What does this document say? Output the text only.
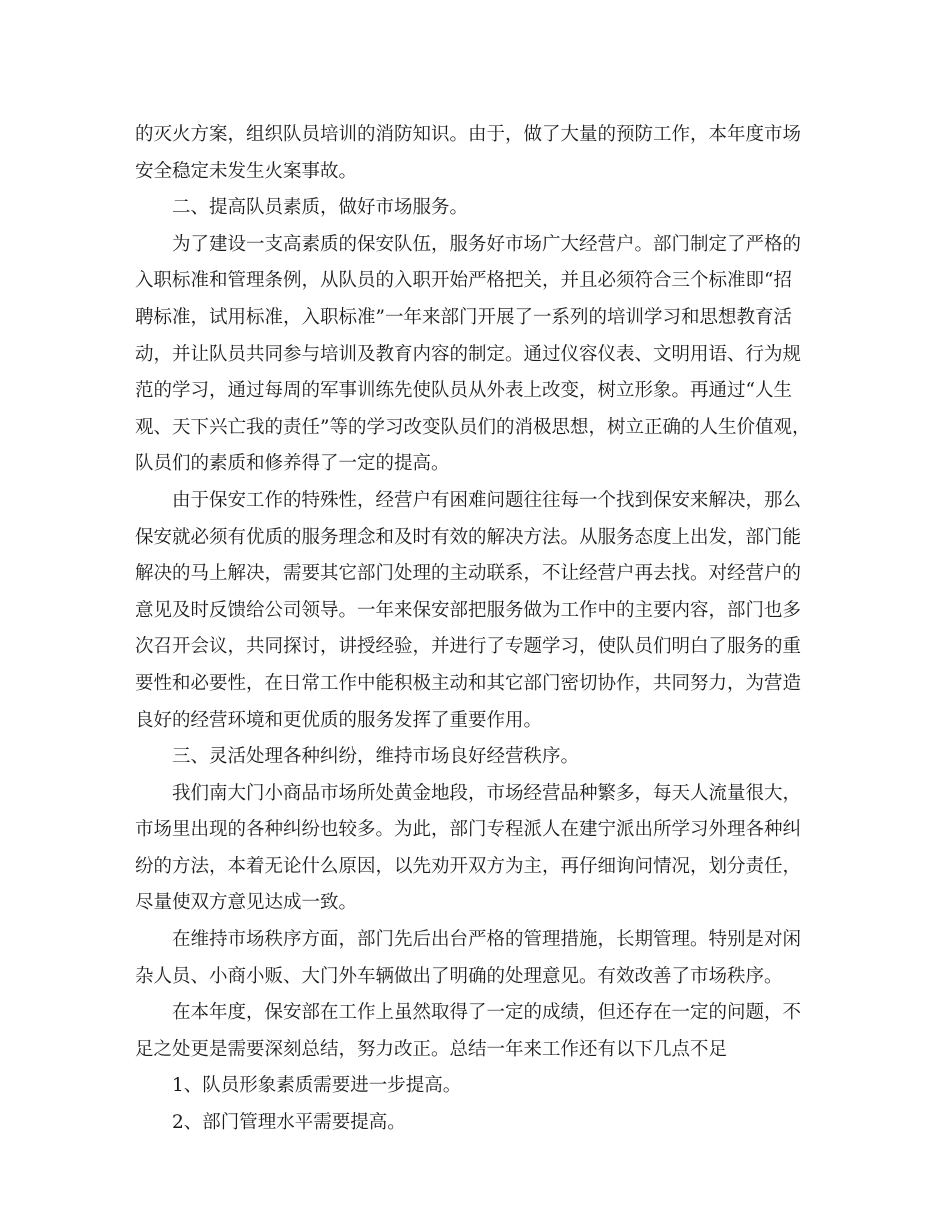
的灭火方案，组织队员培训的消防知识。由于，做了大量的预防工作，本年度市场
安全稳定未发生火案事故。
二、提高队员素质，做好市场服务。
为了建设一支高素质的保安队伍，服务好市场广大经营户。部门制定了严格的
入职标准和管理条例，从队员的入职开始严格把关，并且必须符合三个标准即“招
聘标准，试用标准，入职标准”一年来部门开展了一系列的培训学习和思想教育活
动，并让队员共同参与培训及教育内容的制定。通过仪容仪表、文明用语、行为规
范的学习，通过每周的军事训练先使队员从外表上改变，树立形象。再通过“人生
观、天下兴亡我的责任”等的学习改变队员们的消极思想，树立正确的人生价值观，
队员们的素质和修养得了一定的提高。
由于保安工作的特殊性，经营户有困难问题往往每一个找到保安来解决，那么
保安就必须有优质的服务理念和及时有效的解决方法。从服务态度上出发，部门能
解决的马上解决，需要其它部门处理的主动联系，不让经营户再去找。对经营户的
意见及时反馈给公司领导。一年来保安部把服务做为工作中的主要内容，部门也多
次召开会议，共同探讨，讲授经验，并进行了专题学习，使队员们明白了服务的重
要性和必要性，在日常工作中能积极主动和其它部门密切协作，共同努力，为营造
良好的经营环境和更优质的服务发挥了重要作用。
三、灵活处理各种纠纷，维持市场良好经营秩序。
我们南大门小商品市场所处黄金地段，市场经营品种繁多，每天人流量很大，
市场里出现的各种纠纷也较多。为此，部门专程派人在建宁派出所学习外理各种纠
纷的方法，本着无论什么原因，以先劝开双方为主，再仔细询问情况，划分责任，
尽量使双方意见达成一致。
在维持市场秩序方面，部门先后出台严格的管理措施，长期管理。特别是对闲
杂人员、小商小贩、大门外车辆做出了明确的处理意见。有效改善了市场秩序。
在本年度，保安部在工作上虽然取得了一定的成绩，但还存在一定的问题，不
足之处更是需要深刻总结，努力改正。总结一年来工作还有以下几点不足
1、队员形象素质需要进一步提高。
2、部门管理水平需要提高。
